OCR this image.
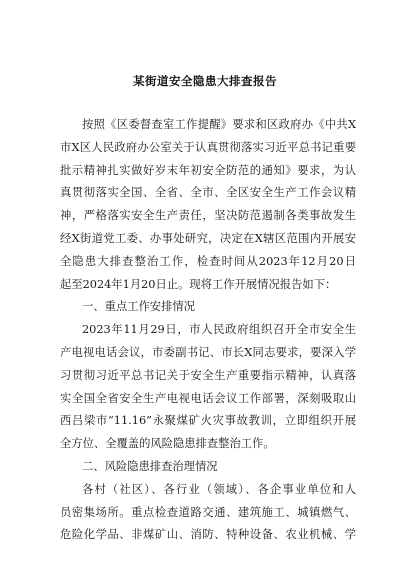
某街道安全隐患大排查报告
按照《区委督查室工作提醒》要求和区政府办《中共X
市X区人民政府办公室关于认真贯彻落实习近平总书记重要
批示精神扎实做好岁末年初安全防范的通知》要求，为认
真贯彻落实全国、全省、全市、全区安全生产工作会议精
神，严格落实安全生产责任，坚决防范遏制各类事故发生
经X街道党工委、办事处研究，决定在X辖区范围内开展安
全隐患大排查整治工作，检查时间从2023年12月20日
起至2024年1月20日止。现将工作开展情况报告如下：
一、重点工作安排情况
2023年11月29日，市人民政府组织召开全市安全生
产电视电话会议，市委副书记、市长X同志要求，要深入学
习贯彻习近平总书记关于安全生产重要指示精神，认真落
实全国全省安全生产电视电话会议工作部署，深刻吸取山
西吕梁市“11.16”永聚煤矿火灾事故教训，立即组织开展
全方位、全覆盖的风险隐患排查整治工作。
二、风险隐患排查治理情况
各村（社区）、各行业（领域）、各企事业单位和人
员密集场所。重点检查道路交通、建筑施工、城镇燃气、
危险化学品、非煤矿山、消防、特种设备、农业机械、学
